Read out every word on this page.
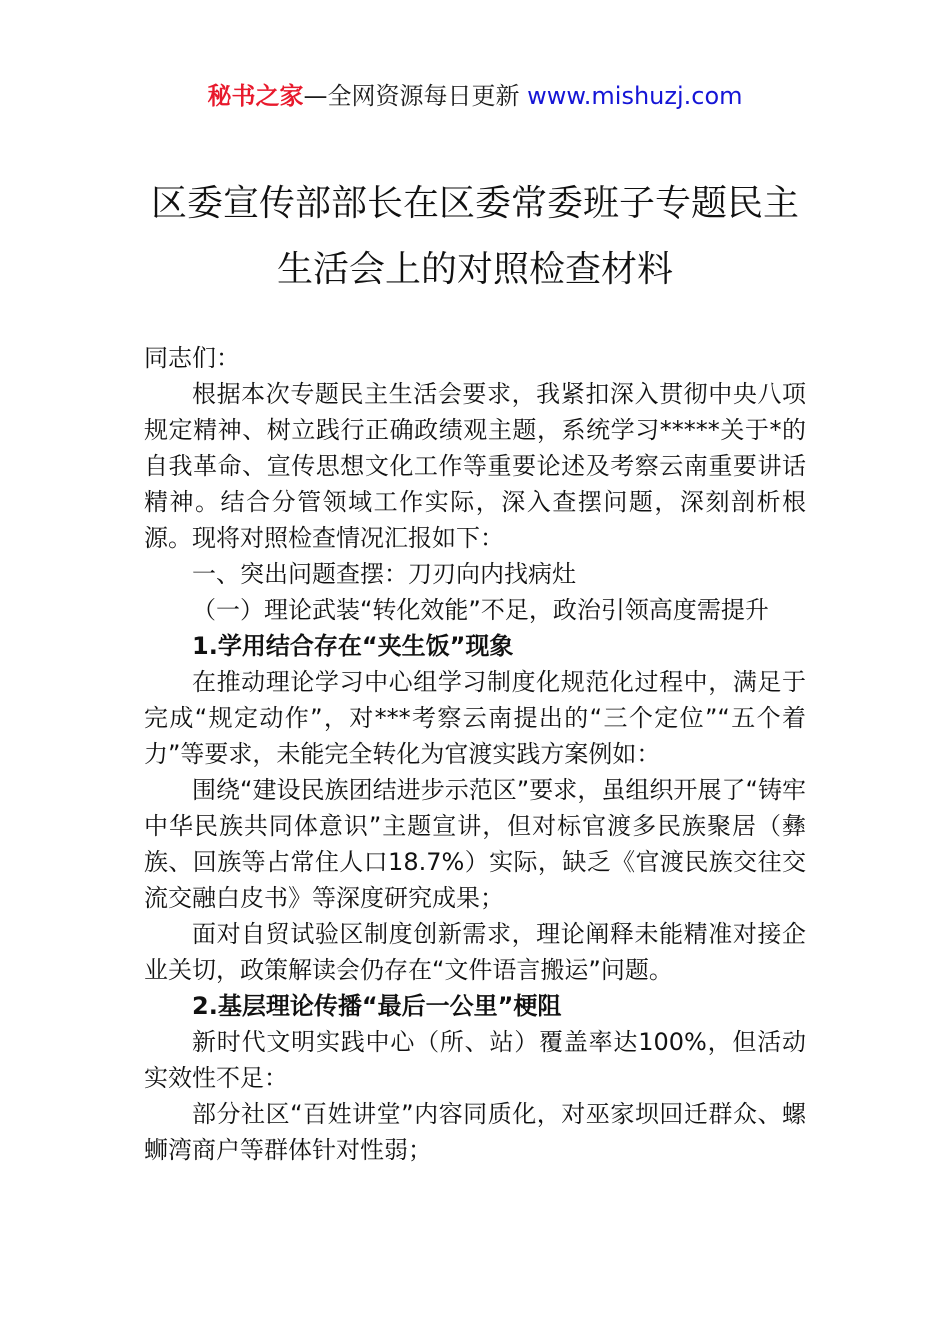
秘书之家—全网资源每日更新 www.mishuzj.com
区委宣传部部长在区委常委班子专题民主
生活会上的对照检查材料

同志们：

根据本次专题民主生活会要求，我紧扣深入贯彻中央八项规定精神、树立践行正确政绩观主题，系统学习*****关于*的自我革命、宣传思想文化工作等重要论述及考察云南重要讲话精神。结合分管领域工作实际，深入查摆问题，深刻剖析根源。现将对照检查情况汇报如下：

一、突出问题查摆：刀刃向内找病灶

（一）理论武装“转化效能”不足，政治引领高度需提升

1.学用结合存在“夹生饭”现象

在推动理论学习中心组学习制度化规范化过程中，满足于完成“规定动作”，对***考察云南提出的“三个定位”“五个着力”等要求，未能完全转化为官渡实践方案例如：

围绕“建设民族团结进步示范区”要求，虽组织开展了“铸牢中华民族共同体意识”主题宣讲，但对标官渡多民族聚居（彝族、回族等占常住人口18.7%）实际，缺乏《官渡民族交往交流交融白皮书》等深度研究成果；

面对自贸试验区制度创新需求，理论阐释未能精准对接企业关切，政策解读会仍存在“文件语言搬运”问题。

2.基层理论传播“最后一公里”梗阻

新时代文明实践中心（所、站）覆盖率达100%，但活动实效性不足：

部分社区“百姓讲堂”内容同质化，对巫家坝回迁群众、螺蛳湾商户等群体针对性弱；
